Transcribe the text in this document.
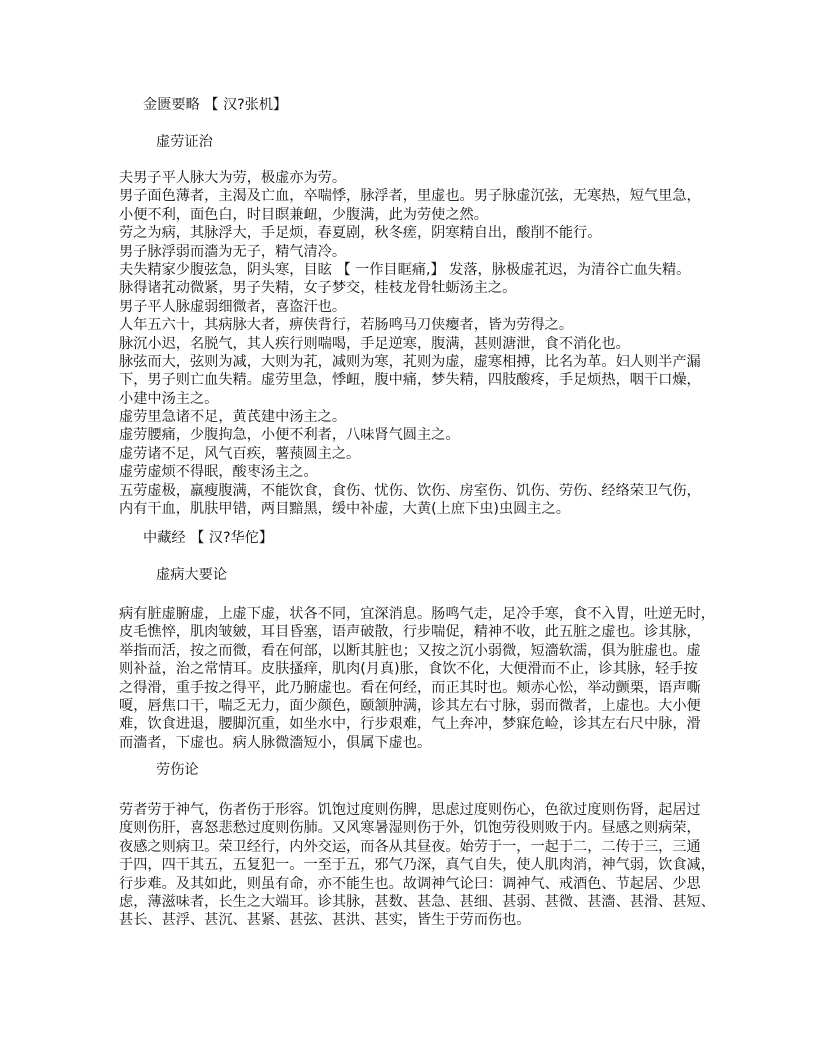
金匮要略 【 汉?张机】
虚劳证治
夫男子平人脉大为劳，极虚亦为劳。
男子面色薄者，主渴及亡血，卒喘悸，脉浮者，里虚也。男子脉虚沉弦，无寒热，短气里急，
小便不利，面色白，时目瞑兼衄，少腹满，此为劳使之然。
劳之为病，其脉浮大，手足烦，春夏剧，秋冬瘥，阴寒精自出，酸削不能行。
男子脉浮弱而濇为无子，精气清冷。
夫失精家少腹弦急，阴头寒，目眩 【 一作目眶痛,】 发落，脉极虚芤迟，为清谷亡血失精。
脉得诸芤动微紧，男子失精，女子梦交，桂枝龙骨牡蛎汤主之。
男子平人脉虚弱细微者，喜盗汗也。
人年五六十，其病脉大者，痹侠背行，若肠鸣马刀侠瘿者，皆为劳得之。
脉沉小迟，名脱气，其人疾行则喘喝，手足逆寒，腹满，甚则溏泄，食不消化也。
脉弦而大，弦则为减，大则为芤，减则为寒，芤则为虚，虚寒相搏，比名为革。妇人则半产漏
下，男子则亡血失精。虚劳里急，悸衄，腹中痛，梦失精，四肢酸疼，手足烦热，咽干口燥，
小建中汤主之。
虚劳里急诸不足，黄芪建中汤主之。
虚劳腰痛，少腹拘急，小便不利者，八味肾气圆主之。
虚劳诸不足，风气百疾，薯蓣圆主之。
虚劳虚烦不得眠，酸枣汤主之。
五劳虚极，羸瘦腹满，不能饮食，食伤、忧伤、饮伤、房室伤、饥伤、劳伤、经络荣卫气伤，
内有干血，肌肤甲错，两目黯黑，缓中补虚，大黄(上庶下虫)虫圆主之。
中藏经 【 汉?华佗】
虚病大要论
病有脏虚腑虚，上虚下虚，状各不同，宜深消息。肠鸣气走，足冷手寒，食不入胃，吐逆无时，
皮毛憔悴，肌肉皱皴，耳目昏塞，语声破散，行步喘促，精神不收，此五脏之虚也。诊其脉，
举指而活，按之而微，看在何部，以断其脏也；又按之沉小弱微，短濇软濡，俱为脏虚也。虚
则补益，治之常情耳。皮肤搔痒，肌肉(月真)胀，食饮不化，大便滑而不止，诊其脉，轻手按
之得滑，重手按之得平，此乃腑虚也。看在何经，而正其时也。颊赤心忪，举动颤栗，语声嘶
嗄，唇焦口干，喘乏无力，面少颜色，颐颔肿满，诊其左右寸脉，弱而微者，上虚也。大小便
难，饮食进退，腰脚沉重，如坐水中，行步艰难，气上奔冲，梦寐危崄，诊其左右尺中脉，滑
而濇者，下虚也。病人脉微濇短小，俱属下虚也。
劳伤论
劳者劳于神气，伤者伤于形容。饥饱过度则伤脾，思虑过度则伤心，色欲过度则伤肾，起居过
度则伤肝，喜怒悲愁过度则伤肺。又风寒暑湿则伤于外，饥饱劳役则败于内。昼感之则病荣，
夜感之则病卫。荣卫经行，内外交运，而各从其昼夜。始劳于一，一起于二，二传于三，三通
于四，四干其五，五复犯一。一至于五，邪气乃深，真气自失，使人肌肉消，神气弱，饮食减，
行步难。及其如此，则虽有命，亦不能生也。故调神气论曰：调神气、戒酒色、节起居、少思
虑，薄滋味者，长生之大端耳。诊其脉，甚数、甚急、甚细、甚弱、甚微、甚濇、甚滑、甚短、
甚长、甚浮、甚沉、甚紧、甚弦、甚洪、甚实，皆生于劳而伤也。
